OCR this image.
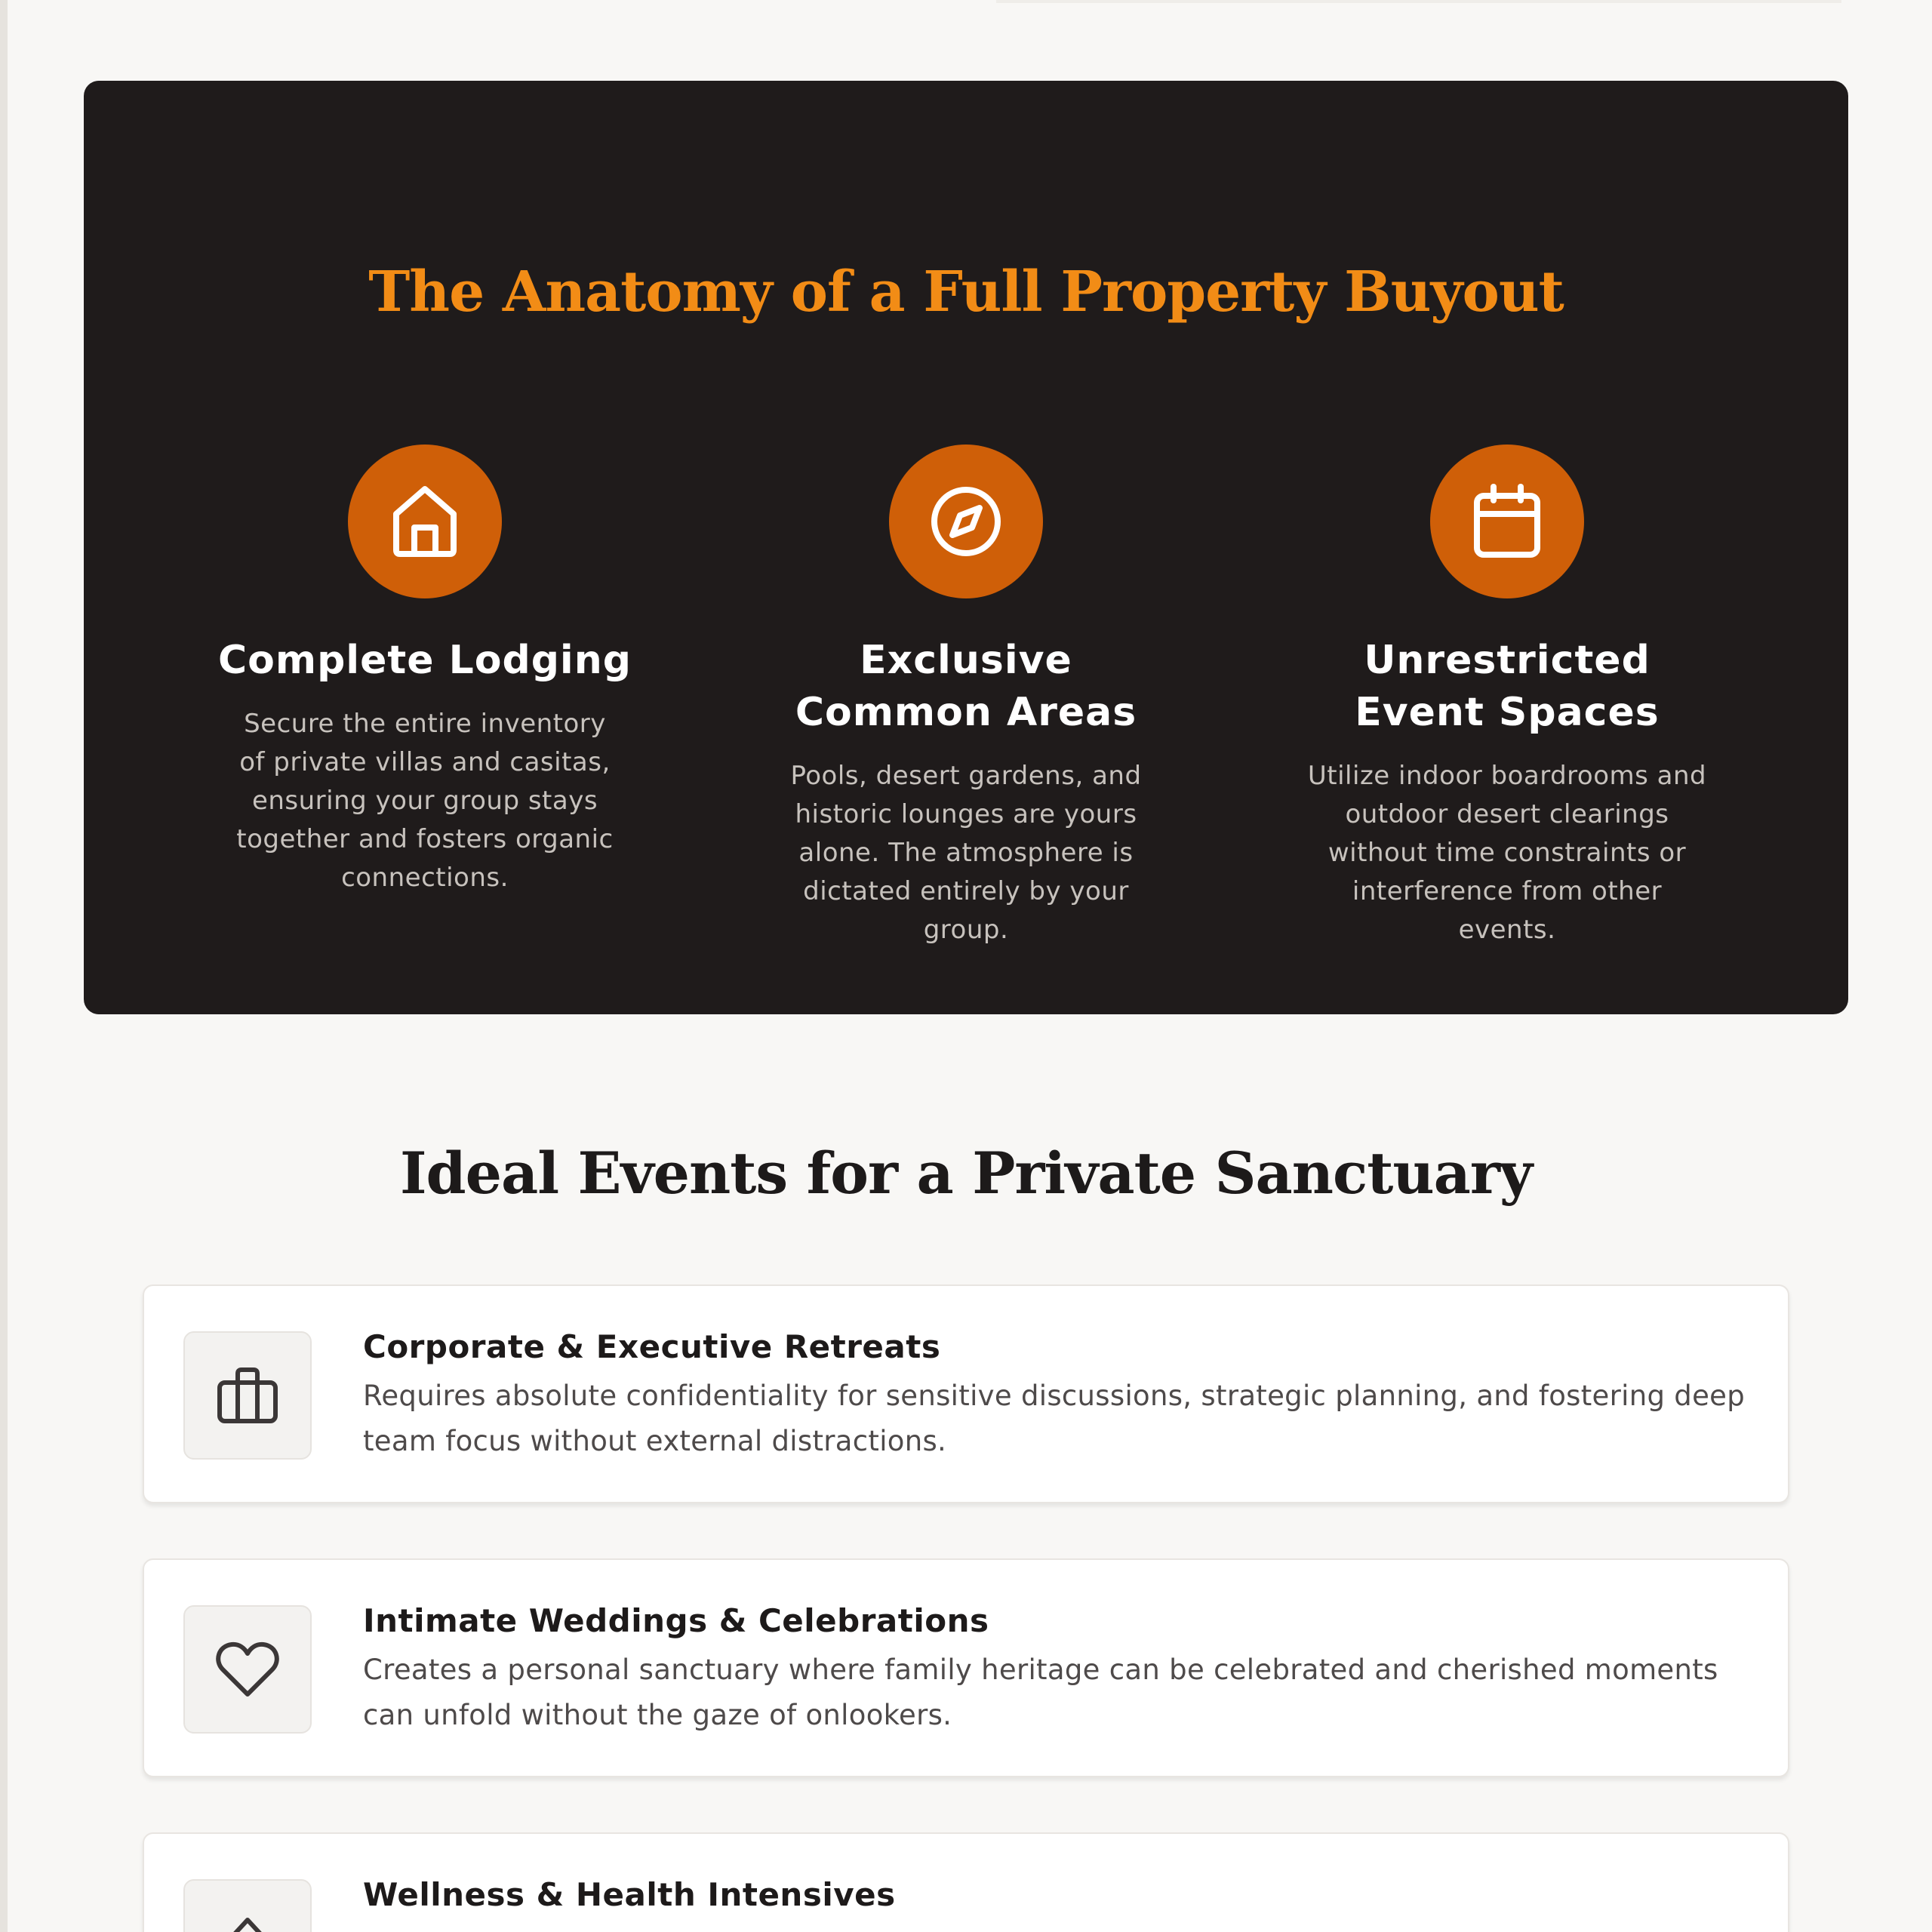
The Anatomy of a Full Property Buyout
Complete Lodging
Secure the entire inventory of private villas and casitas, ensuring your group stays together and fosters organic connections.
Exclusive Common Areas
Pools, desert gardens, and historic lounges are yours alone. The atmosphere is dictated entirely by your group.
Unrestricted Event Spaces
Utilize indoor boardrooms and outdoor desert clearings without time constraints or interference from other events.
Ideal Events for a Private Sanctuary
Corporate & Executive Retreats

Requires absolute confidentiality for sensitive discussions, strategic planning, and fostering deep team focus without external distractions.

Intimate Weddings & Celebrations

Creates a personal sanctuary where family heritage can be celebrated and cherished moments can unfold without the gaze of onlookers.

Wellness & Health Intensives
